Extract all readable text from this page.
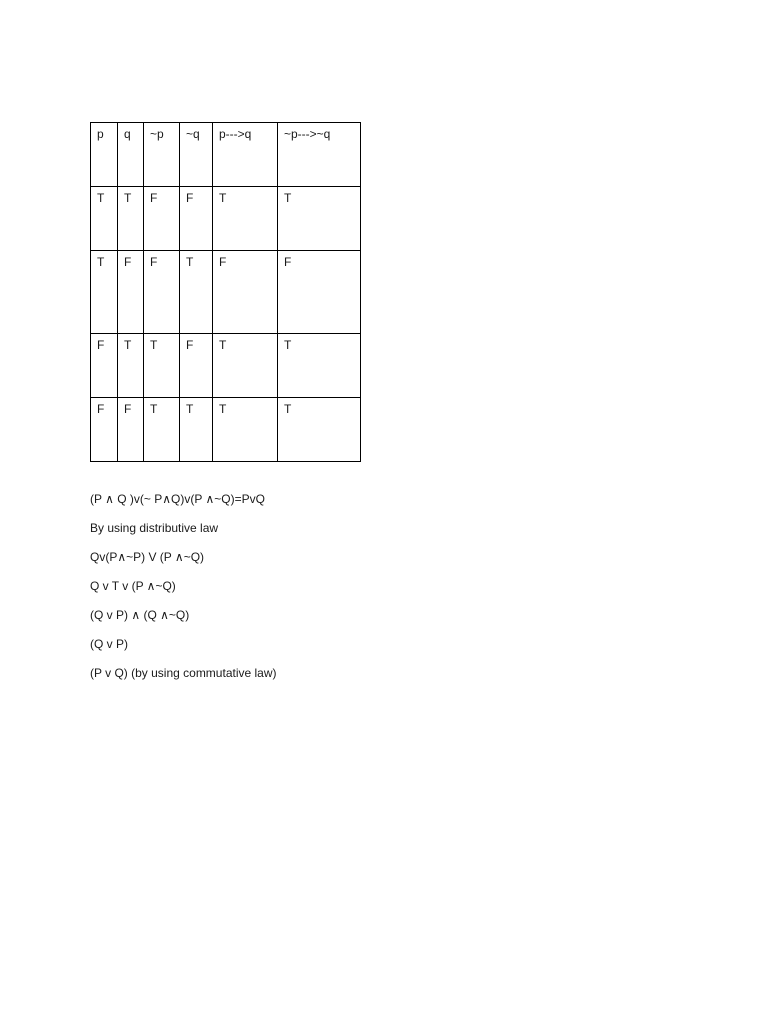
p	q	~p	~q	p--->q	~p--->~q
T	T	F	F	T	T
T	F	F	T	F	F
F	T	T	F	T	T
F	F	T	T	T	T
(P ∧ Q )v(~ P∧Q)v(P ∧~Q)=PvQ
By using distributive law
Qv(P∧~P) V (P ∧~Q)
Q v T v (P ∧~Q)
(Q v P) ∧ (Q ∧~Q)
(Q v P)
(P v Q) (by using commutative law)
